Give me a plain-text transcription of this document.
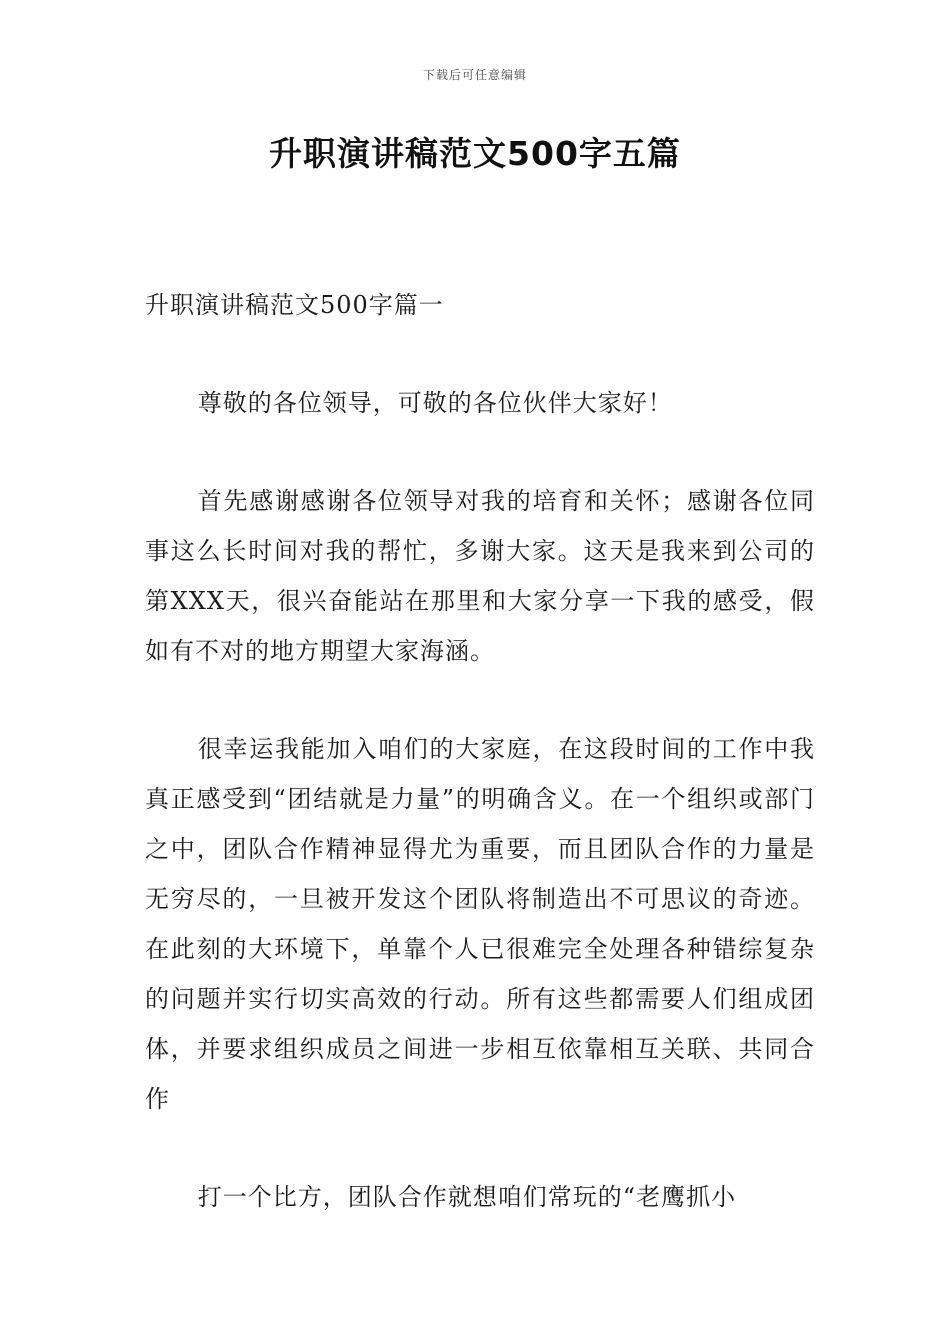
下载后可任意编辑
升职演讲稿范文500字五篇

升职演讲稿范文500字篇一

尊敬的各位领导，可敬的各位伙伴大家好！

首先感谢感谢各位领导对我的培育和关怀；感谢各位同事这么长时间对我的帮忙，多谢大家。这天是我来到公司的第XXX天，很兴奋能站在那里和大家分享一下我的感受，假如有不对的地方期望大家海涵。

很幸运我能加入咱们的大家庭，在这段时间的工作中我真正感受到“团结就是力量”的明确含义。在一个组织或部门之中，团队合作精神显得尤为重要，而且团队合作的力量是无穷尽的，一旦被开发这个团队将制造出不可思议的奇迹。在此刻的大环境下，单靠个人已很难完全处理各种错综复杂的问题并实行切实高效的行动。所有这些都需要人们组成团体，并要求组织成员之间进一步相互依靠相互关联、共同合作

打一个比方，团队合作就想咱们常玩的“老鹰抓小
